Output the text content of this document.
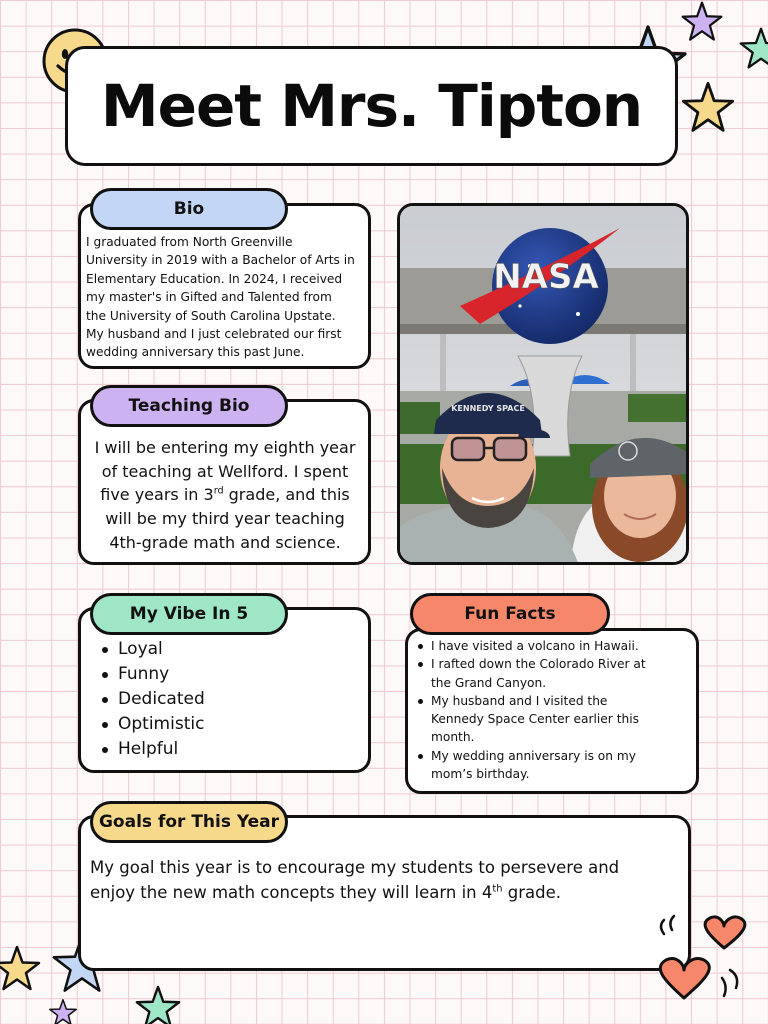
Meet Mrs. Tipton
Bio
I graduated from North Greenville
University in 2019 with a Bachelor of Arts in
Elementary Education. In 2024, I received
my master's in Gifted and Talented from
the University of South Carolina Upstate.
My husband and I just celebrated our first
wedding anniversary this past June.
Teaching Bio
I will be entering my eighth year
of teaching at Wellford. I spent
five years in 3rd grade, and this
will be my third year teaching
4th-grade math and science.
NASA
KENNEDY SPACE
My Vibe In 5
Loyal
Funny
Dedicated
Optimistic
Helpful
Fun Facts
I have visited a volcano in Hawaii.
I rafted down the Colorado River at
the Grand Canyon.
My husband and I visited the
Kennedy Space Center earlier this
month.
My wedding anniversary is on my
mom’s birthday.
Goals for This Year
My goal this year is to encourage my students to persevere and
enjoy the new math concepts they will learn in 4th grade.
